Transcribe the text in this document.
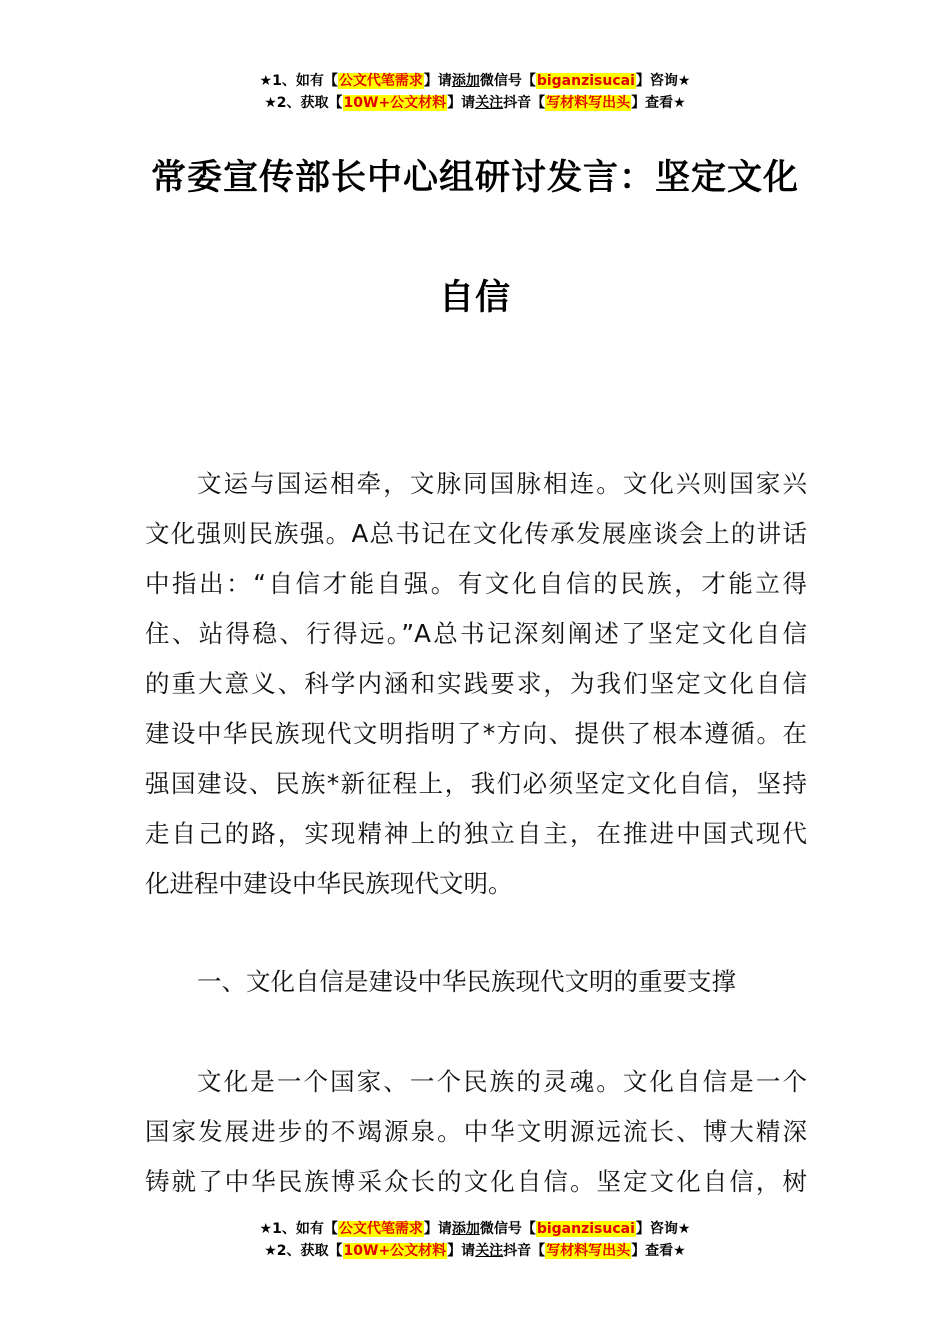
★1、如有【公文代笔需求】请添加微信号【biganzisucai】咨询★
★2、获取【10W+公文材料】请关注抖音【写材料写出头】查看★
常委宣传部长中心组研讨发言：坚定文化
自信
文运与国运相牵，文脉同国脉相连。文化兴则国家兴
文化强则民族强。A总书记在文化传承发展座谈会上的讲话
中指出：“自信才能自强。有文化自信的民族，才能立得
住、站得稳、行得远。”A总书记深刻阐述了坚定文化自信
的重大意义、科学内涵和实践要求，为我们坚定文化自信
建设中华民族现代文明指明了*方向、提供了根本遵循。在
强国建设、民族*新征程上，我们必须坚定文化自信，坚持
走自己的路，实现精神上的独立自主，在推进中国式现代
化进程中建设中华民族现代文明。
一、文化自信是建设中华民族现代文明的重要支撑
文化是一个国家、一个民族的灵魂。文化自信是一个
国家发展进步的不竭源泉。中华文明源远流长、博大精深
铸就了中华民族博采众长的文化自信。坚定文化自信，树
★1、如有【公文代笔需求】请添加微信号【biganzisucai】咨询★
★2、获取【10W+公文材料】请关注抖音【写材料写出头】查看★
